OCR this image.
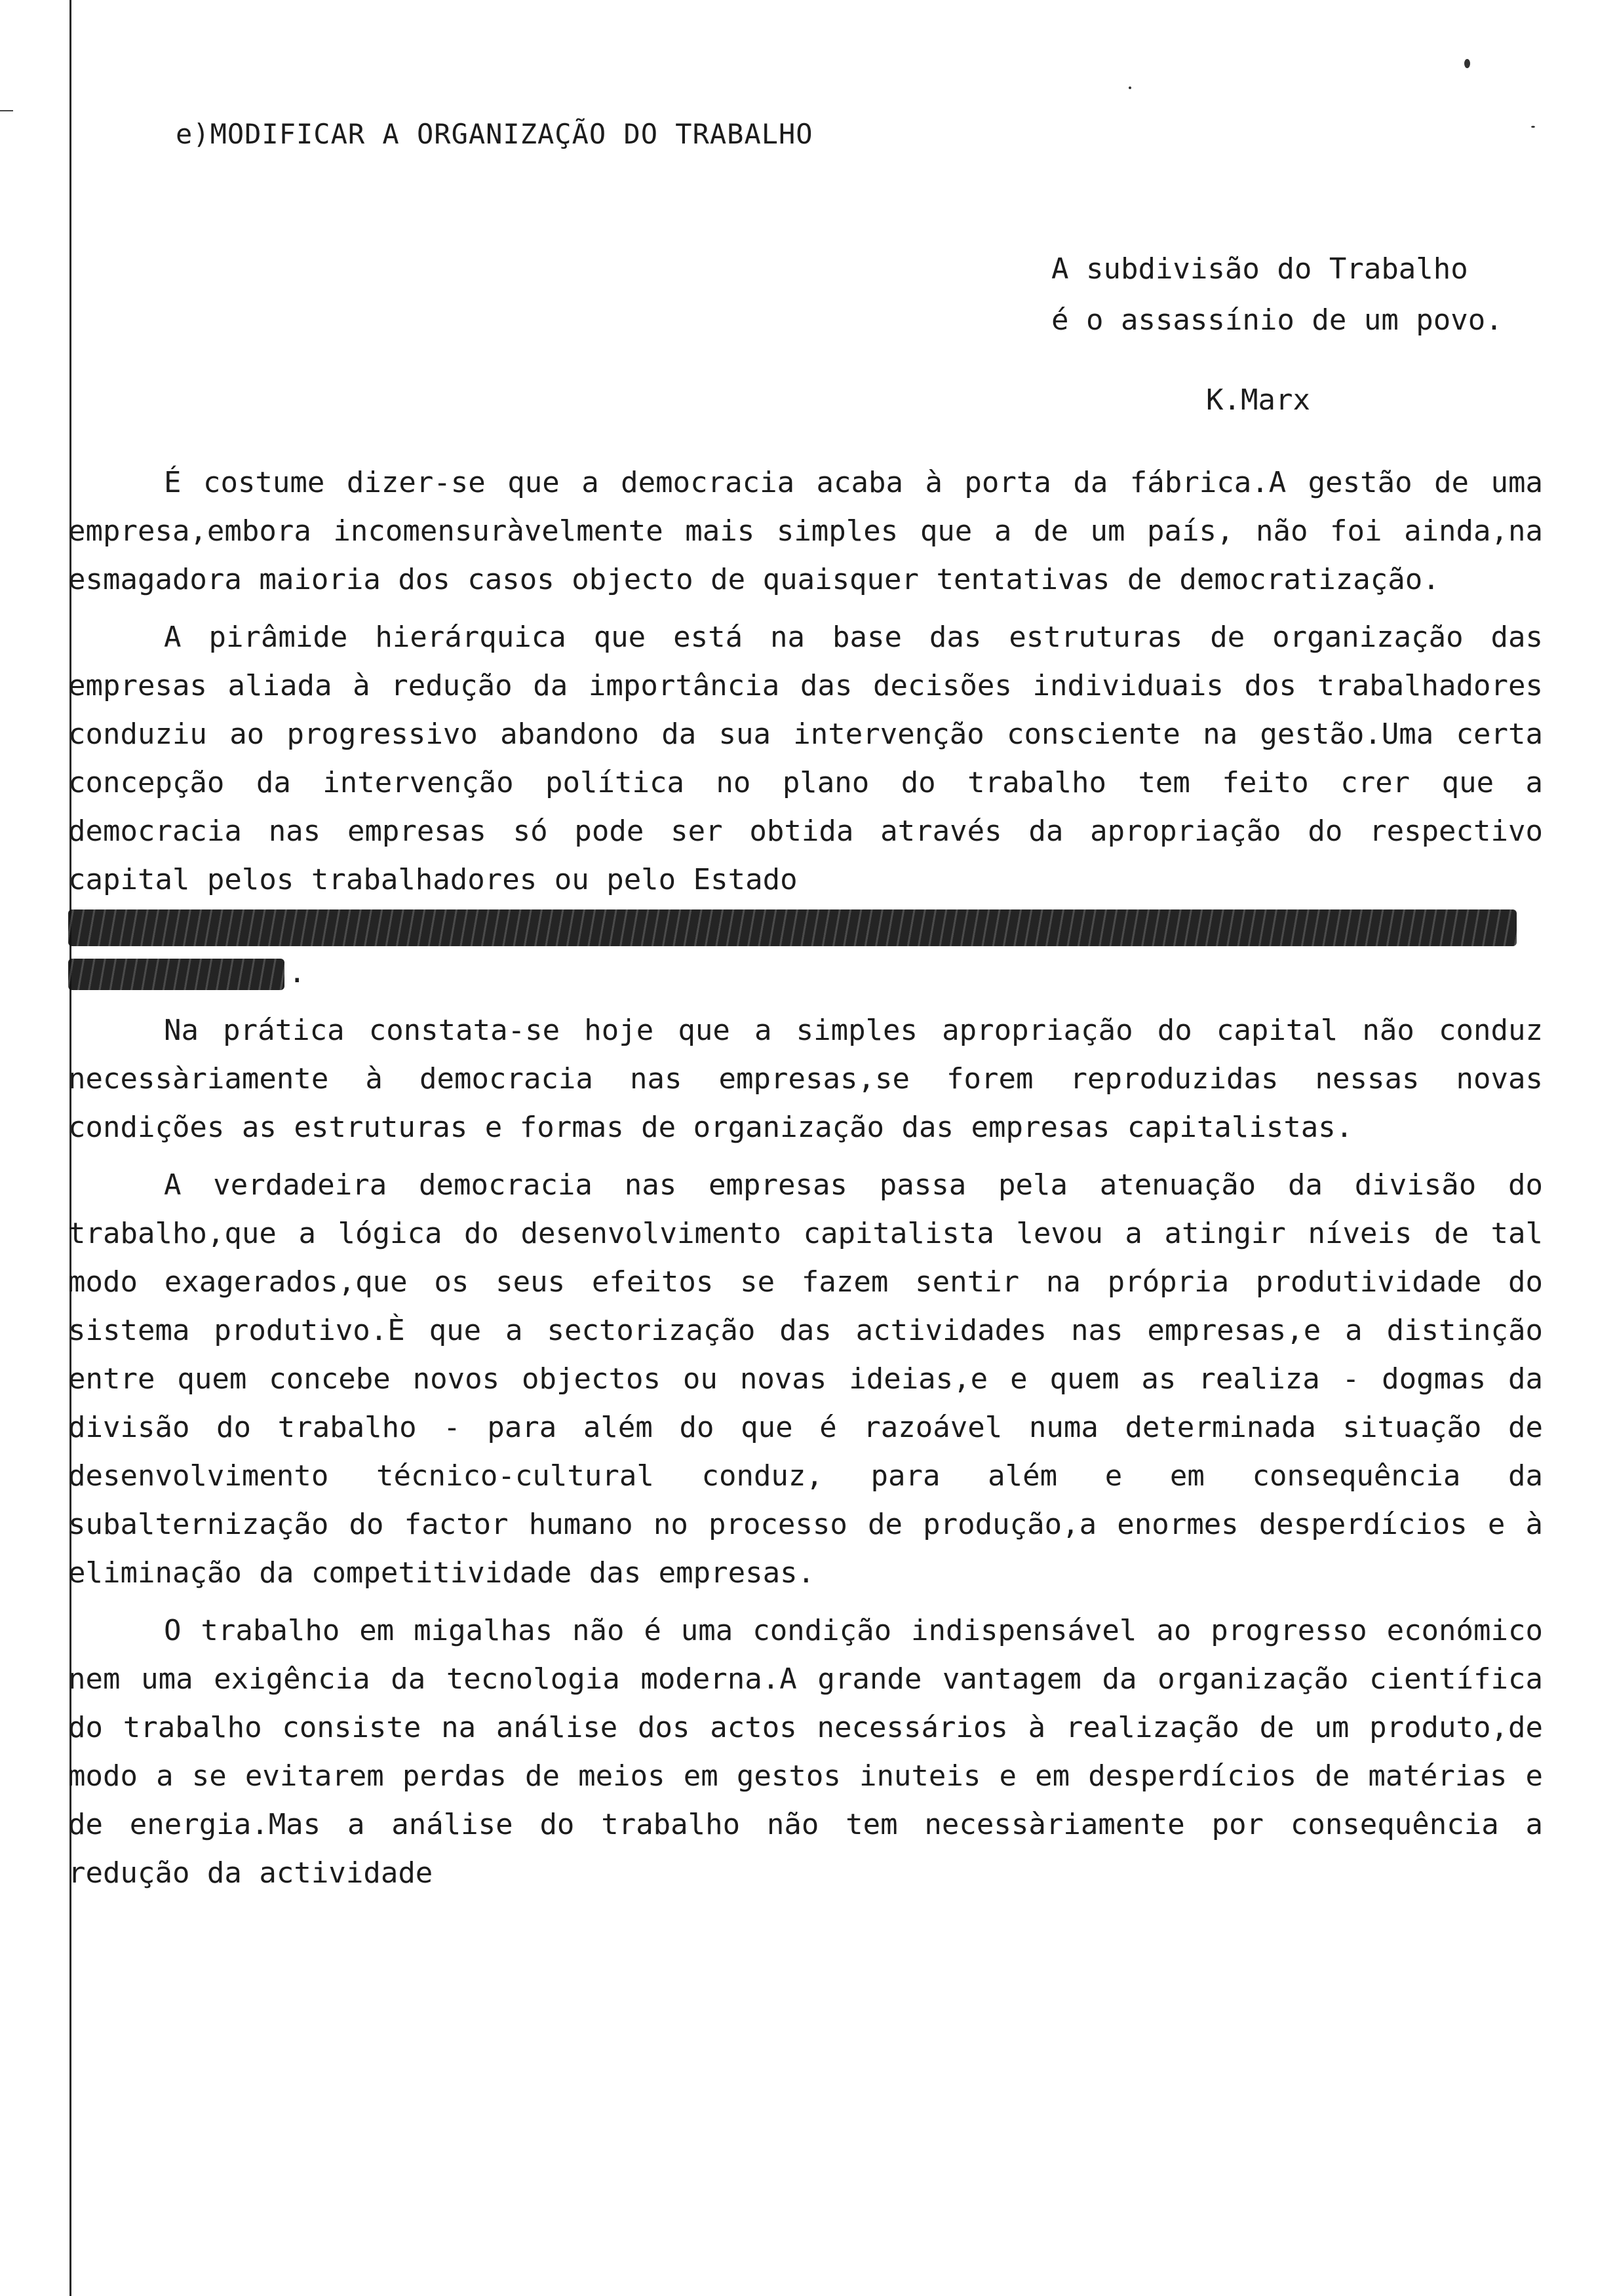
e)MODIFICAR A ORGANIZAÇÃO DO TRABALHO
A subdivisão do Trabalho
é o assassínio de um povo.
K.Marx

É costume dizer-se que a democracia acaba à porta da fábrica.A gestão de uma empresa,embora incomensuràvelmente mais simples que a de um país, não foi ainda,na esmagadora maioria dos casos objecto de quaisquer tentativas de democratização.

A pirâmide hierárquica que está na base das estruturas de organização das empresas aliada à redução da importância das decisões individuais dos trabalhadores conduziu ao progressivo abandono da sua intervenção consciente na gestão.Uma certa concepção da intervenção política no plano do trabalho tem feito crer que a democracia nas empresas só pode ser obtida através da apropriação do respectivo capital pelos trabalhadores ou pelo Estado
.

Na prática constata-se hoje que a simples apropriação do capital não conduz necessàriamente à democracia nas empresas,se forem reproduzidas nessas novas condições as estruturas e formas de organização das empresas capitalistas.

A verdadeira democracia nas empresas passa pela atenuação da divisão do trabalho,que a lógica do desenvolvimento capitalista levou a atingir níveis de tal modo exagerados,que os seus efeitos se fazem sentir na própria produtividade do sistema produtivo.È que a sectorização das actividades nas empresas,e a distinção entre quem concebe novos objectos ou novas ideias,e e quem as realiza - dogmas da divisão do trabalho - para além do que é razoável numa determinada situação de desenvolvimento técnico-cultural conduz, para além e em consequência da subalternização do factor humano no processo de produção,a enormes desperdícios e à eliminação da competitividade das empresas.

O trabalho em migalhas não é uma condição indispensável ao progresso económico nem uma exigência da tecnologia moderna.A grande vantagem da organização científica do trabalho consiste na análise dos actos necessários à realização de um produto,de modo a se evitarem perdas de meios em gestos inuteis e em desperdícios de matérias e de energia.Mas a análise do trabalho não tem necessàriamente por consequência a redução da actividade
